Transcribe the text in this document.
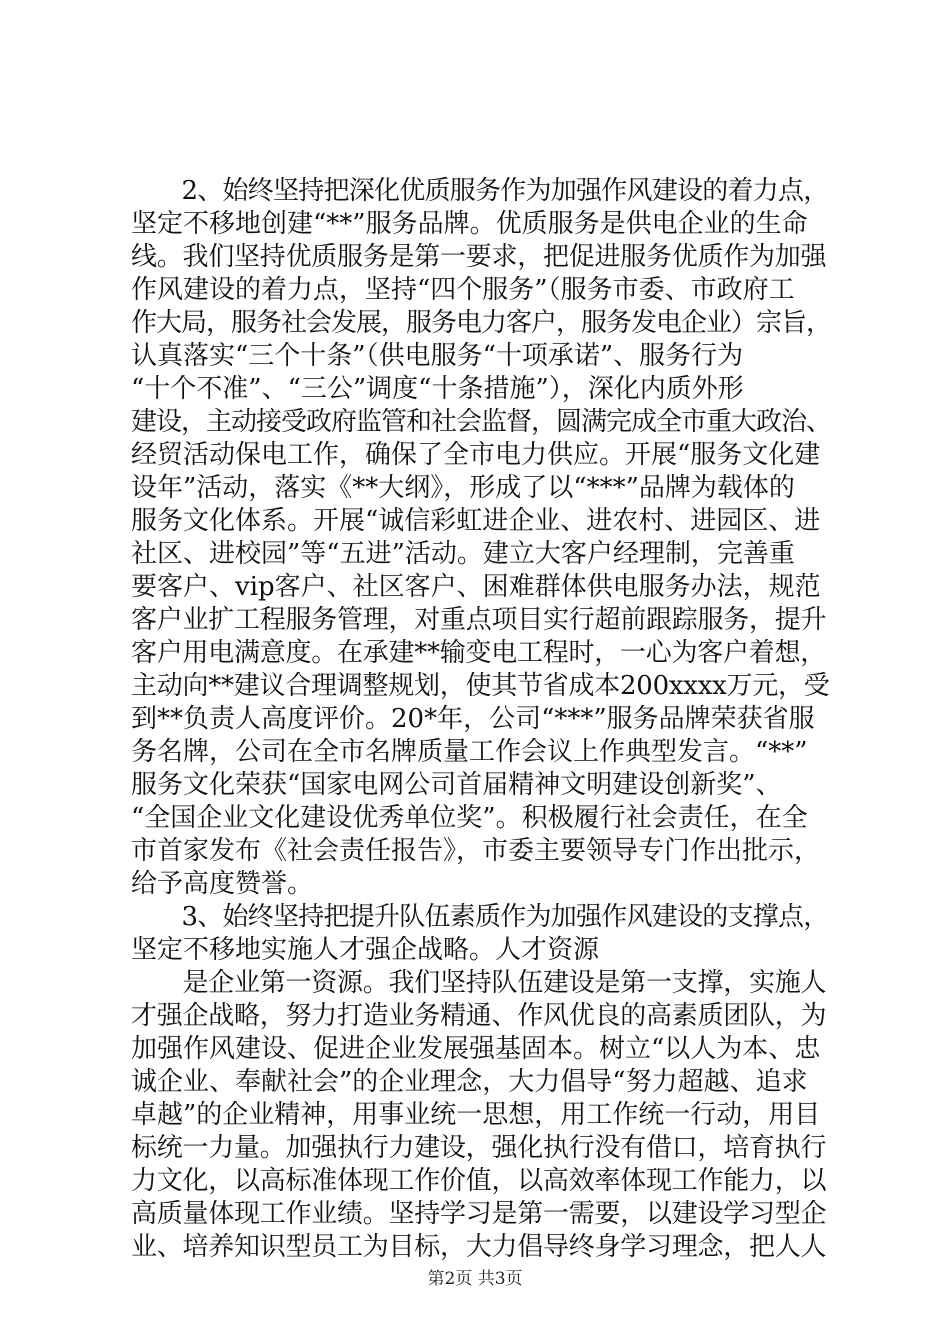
　　2、始终坚持把深化优质服务作为加强作风建设的着力点，
坚定不移地创建“**”服务品牌。优质服务是供电企业的生命
线。我们坚持优质服务是第一要求，把促进服务优质作为加强
作风建设的着力点，坚持“四个服务”（服务市委、市政府工
作大局，服务社会发展，服务电力客户，服务发电企业）宗旨，
认真落实“三个十条”（供电服务“十项承诺”、服务行为
“十个不准”、“三公”调度“十条措施”），深化内质外形
建设，主动接受政府监管和社会监督，圆满完成全市重大政治、
经贸活动保电工作，确保了全市电力供应。开展“服务文化建
设年”活动，落实《**大纲》，形成了以“***”品牌为载体的
服务文化体系。开展“诚信彩虹进企业、进农村、进园区、进
社区、进校园”等“五进”活动。建立大客户经理制，完善重
要客户、vip客户、社区客户、困难群体供电服务办法，规范
客户业扩工程服务管理，对重点项目实行超前跟踪服务，提升
客户用电满意度。在承建**输变电工程时，一心为客户着想，
主动向**建议合理调整规划，使其节省成本200xxxx万元，受
到**负责人高度评价。20*年，公司“***”服务品牌荣获省服
务名牌，公司在全市名牌质量工作会议上作典型发言。“**”
服务文化荣获“国家电网公司首届精神文明建设创新奖”、
“全国企业文化建设优秀单位奖”。积极履行社会责任，在全
市首家发布《社会责任报告》，市委主要领导专门作出批示，
给予高度赞誉。
　　3、始终坚持把提升队伍素质作为加强作风建设的支撑点，
坚定不移地实施人才强企战略。人才资源
　　是企业第一资源。我们坚持队伍建设是第一支撑，实施人
才强企战略，努力打造业务精通、作风优良的高素质团队，为
加强作风建设、促进企业发展强基固本。树立“以人为本、忠
诚企业、奉献社会”的企业理念，大力倡导“努力超越、追求
卓越”的企业精神，用事业统一思想，用工作统一行动，用目
标统一力量。加强执行力建设，强化执行没有借口，培育执行
力文化，以高标准体现工作价值，以高效率体现工作能力，以
高质量体现工作业绩。坚持学习是第一需要，以建设学习型企
业、培养知识型员工为目标，大力倡导终身学习理念，把人人
第2页 共3页
